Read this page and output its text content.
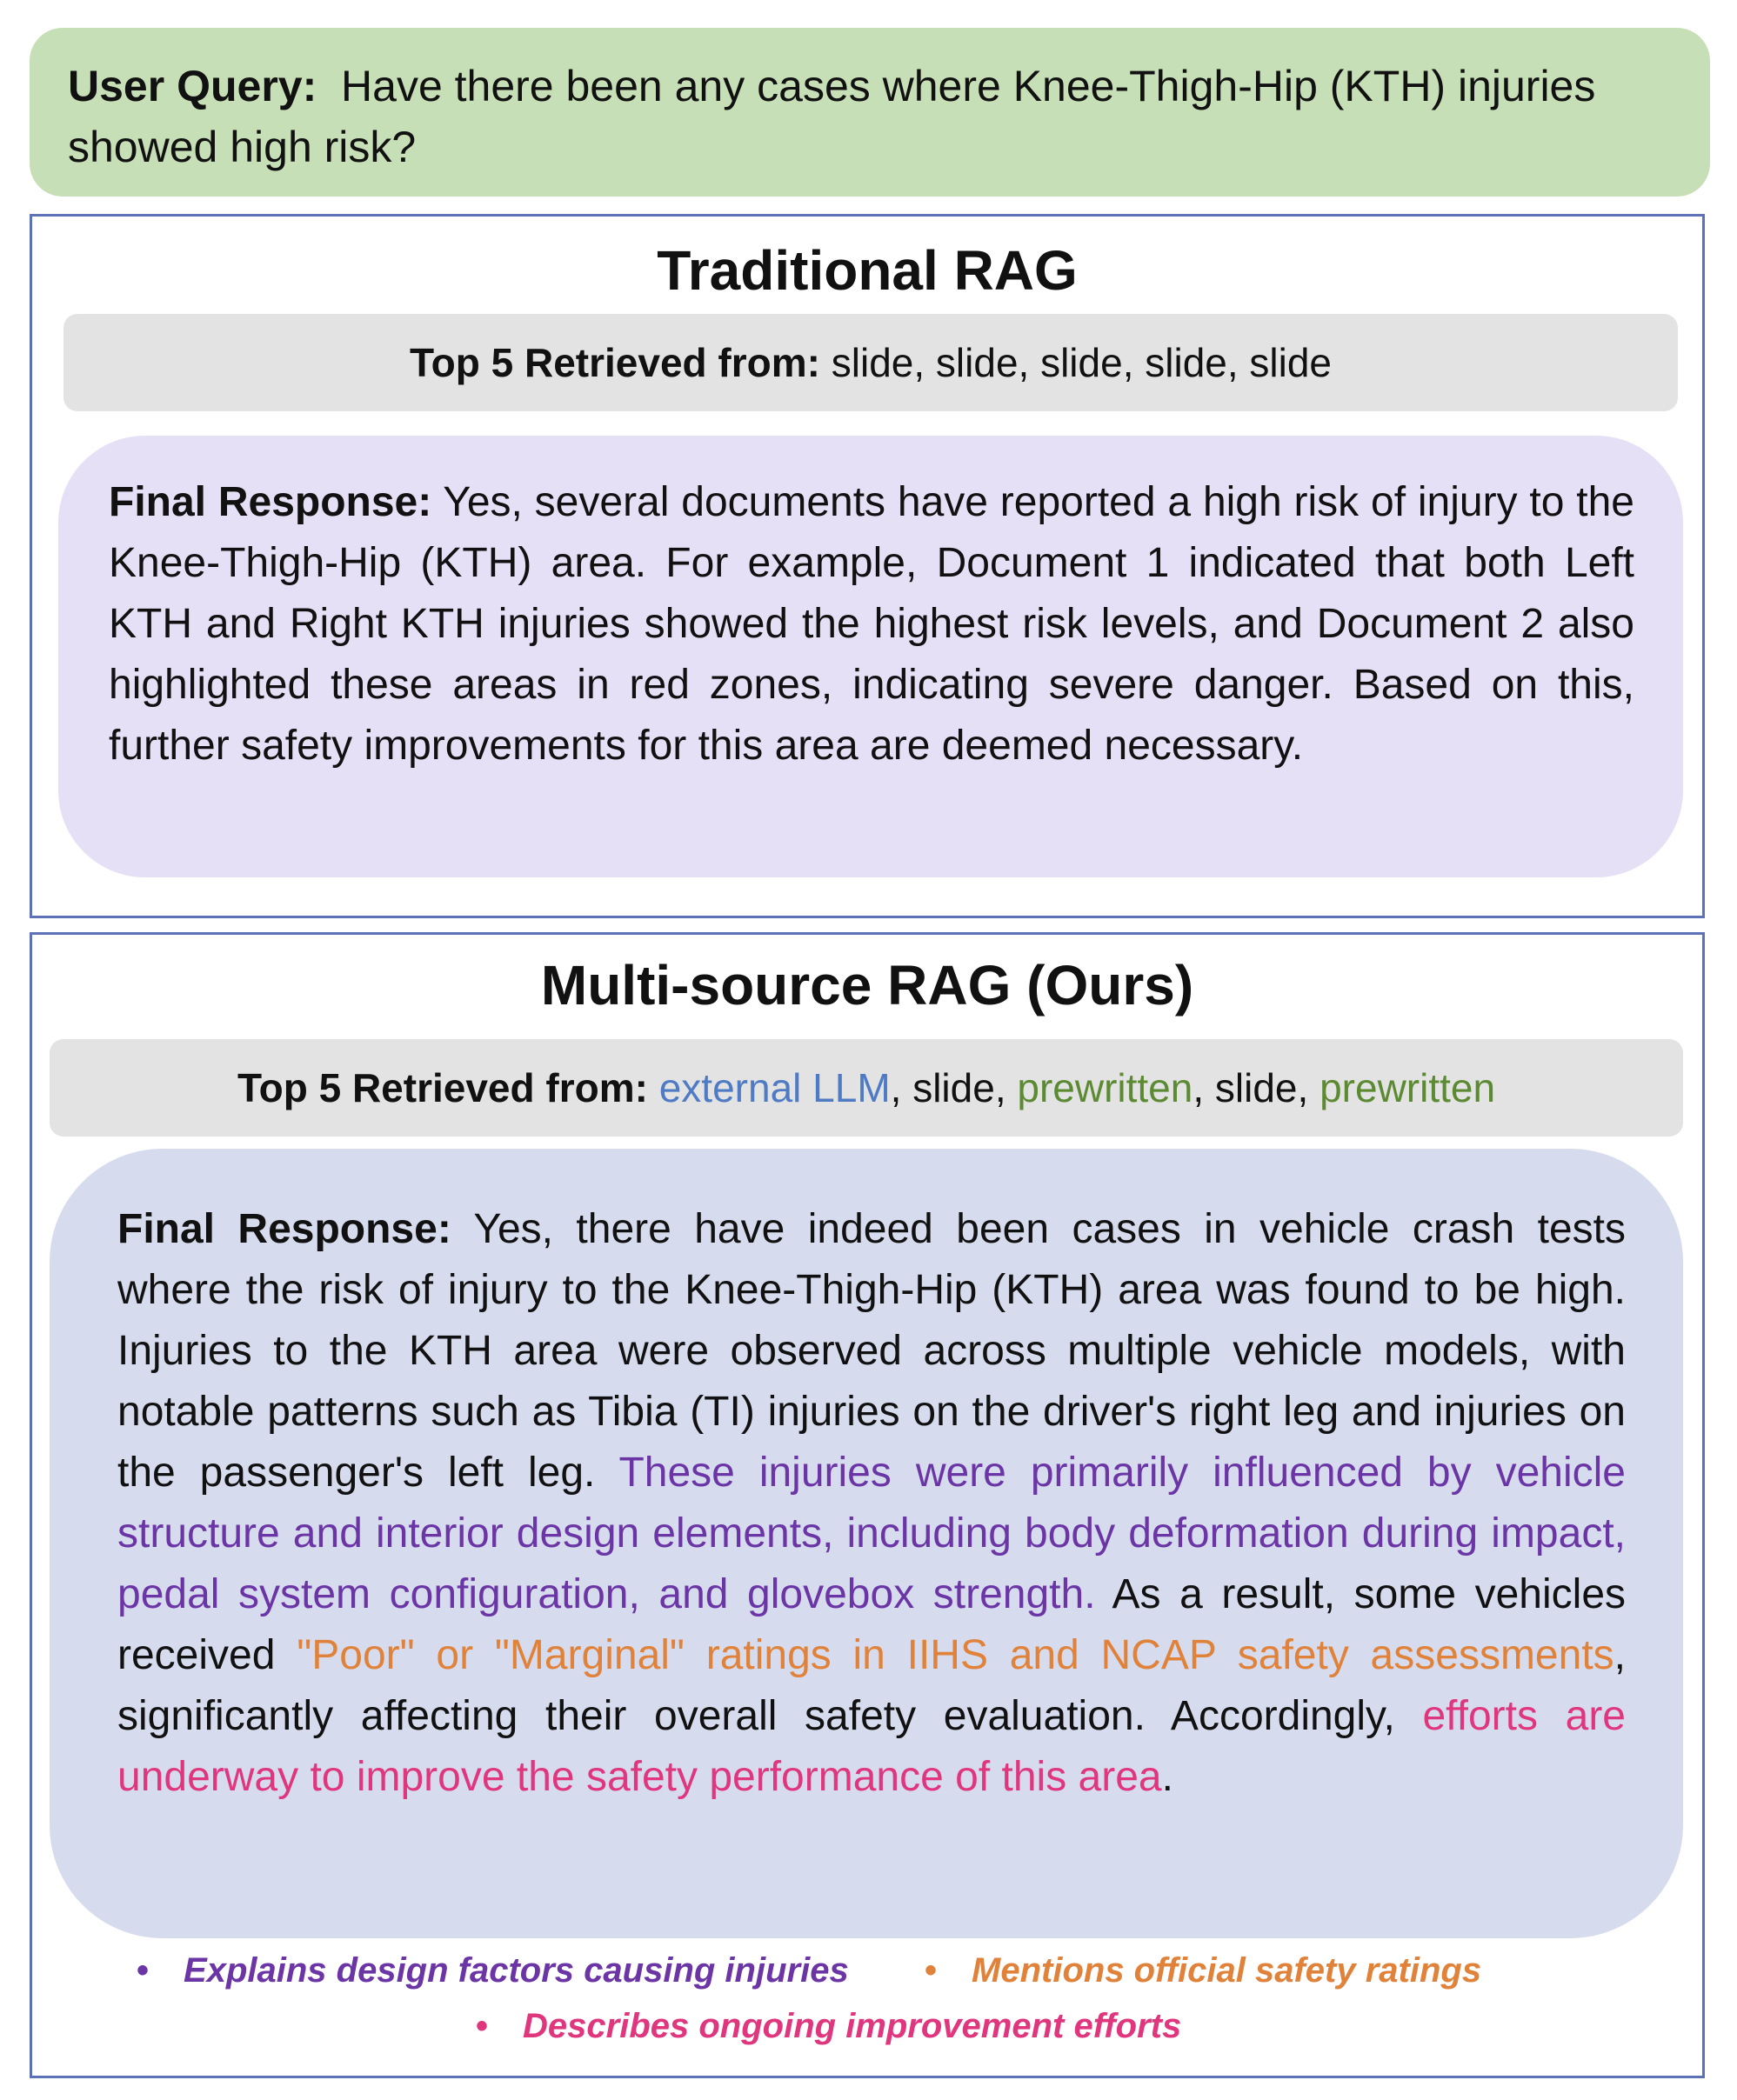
User Query: Have there been any cases where Knee-Thigh-Hip (KTH) injuries showed high risk?
Traditional RAG
Top 5 Retrieved from: slide, slide, slide, slide, slide
Final Response: Yes, several documents have reported a high risk of injury to the Knee-Thigh-Hip (KTH) area. For example, Document 1 indicated that both Left KTH and Right KTH injuries showed the highest risk levels, and Document 2 also highlighted these areas in red zones, indicating severe danger. Based on this, further safety improvements for this area are deemed necessary.
Multi-source RAG (Ours)
Top 5 Retrieved from: external LLM, slide, prewritten, slide, prewritten
Final Response: Yes, there have indeed been cases in vehicle crash tests where the risk of injury to the Knee-Thigh-Hip (KTH) area was found to be high. Injuries to the KTH area were observed across multiple vehicle models, with notable patterns such as Tibia (TI) injuries on the driver's right leg and injuries on the passenger's left leg. These injuries were primarily influenced by vehicle structure and interior design elements, including body deformation during impact, pedal system configuration, and glovebox strength. As a result, some vehicles received "Poor" or "Marginal" ratings in IIHS and NCAP safety assessments, significantly affecting their overall safety evaluation. Accordingly, efforts are underway to improve the safety performance of this area.
• Explains design factors causing injuries • Mentions official safety ratings
• Describes ongoing improvement efforts
